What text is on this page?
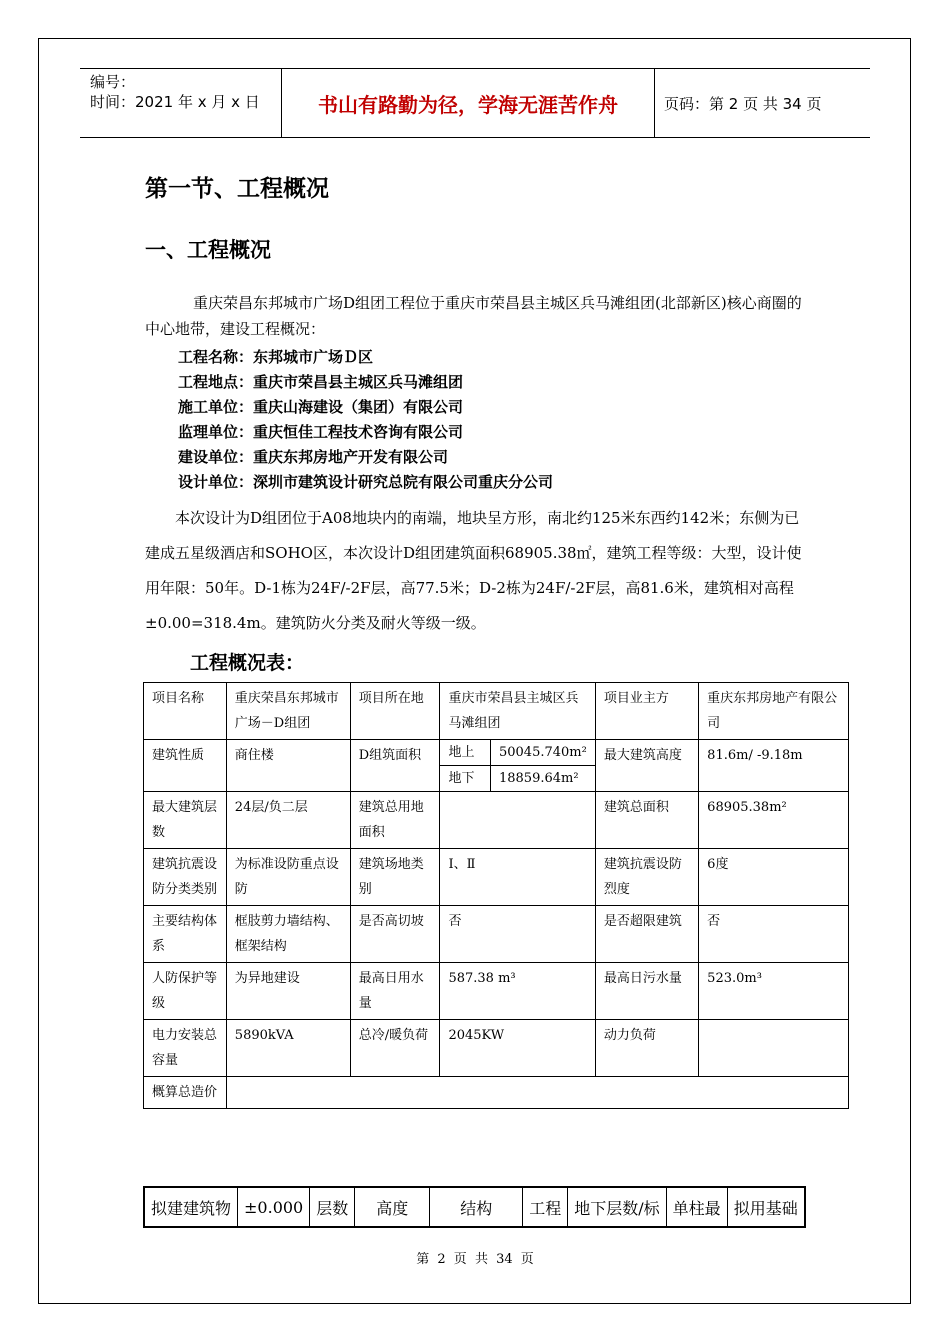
编号：
时间：2021 年 x 月 x 日	书山有路勤为径，学海无涯苦作舟	页码：第 2 页 共 34 页
第一节、工程概况
一、工程概况
重庆荣昌东邦城市广场D组团工程位于重庆市荣昌县主城区兵马滩组团(北部新区)核心商圈的中心地带，建设工程概况：
工程名称：东邦城市广场Ｄ区
工程地点：重庆市荣昌县主城区兵马滩组团
施工单位：重庆山海建设（集团）有限公司
监理单位：重庆恒佳工程技术咨询有限公司
建设单位：重庆东邦房地产开发有限公司
设计单位：深圳市建筑设计研究总院有限公司重庆分公司
本次设计为D组团位于A08地块内的南端，地块呈方形，南北约125米东西约142米；东侧为已建成五星级酒店和SOHO区，本次设计D组团建筑面积68905.38㎡，建筑工程等级：大型，设计使用年限：50年。D-1栋为24F/-2F层，高77.5米；D-2栋为24F/-2F层，高81.6米，建筑相对高程±0.00=318.4m。建筑防火分类及耐火等级一级。
工程概况表：
项目名称	重庆荣昌东邦城市广场－D组团	项目所在地	重庆市荣昌县主城区兵马滩组团		项目业主方	重庆东邦房地产有限公司
建筑性质	商住楼	D组筑面积	地上	50045.740m²	最大建筑高度	81.6m/ -9.18m
			地下	18859.64m²		
最大建筑层数	24层/负二层	建筑总用地面积			建筑总面积	68905.38m²
建筑抗震设防分类类别	为标准设防重点设防	建筑场地类别	Ⅰ、Ⅱ		建筑抗震设防烈度	6度
主要结构体系	框肢剪力墙结构、框架结构	是否高切坡	否		是否超限建筑	否
人防保护等级	为异地建设	最高日用水量	587.38 m³		最高日污水量	523.0m³
电力安装总容量	5890kVA	总冷/暖负荷	2045KW		动力负荷	
概算总造价						
拟建建筑物	±0.000	层数	高度	结构	工程	地下层数/标	单柱最	拟用基础
第 2 页 共 34 页
